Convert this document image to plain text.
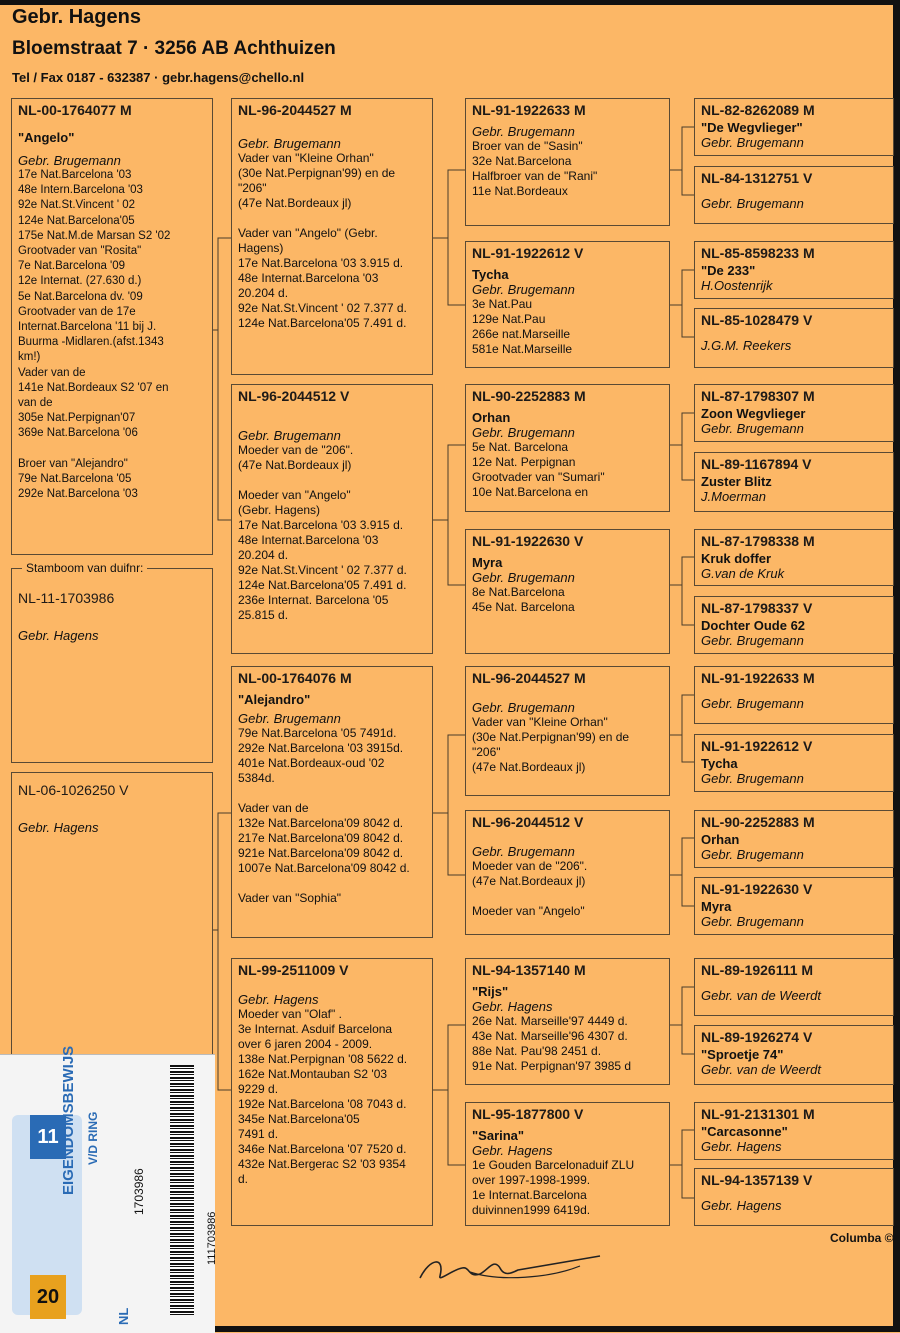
Gebr. Hagens
Bloemstraat 7 · 3256 AB Achthuizen
Tel / Fax 0187 - 632387 · gebr.hagens@chello.nl
NL-00-1764077 M
"Angelo"
Gebr. Brugemann
17e Nat.Barcelona '03
48e Intern.Barcelona '03
92e Nat.St.Vincent ' 02
124e Nat.Barcelona'05
175e Nat.M.de Marsan S2 '02
Grootvader van "Rosita"
7e Nat.Barcelona '09
12e Internat. (27.630 d.)
5e Nat.Barcelona dv. '09
Grootvader van de 17e
Internat.Barcelona '11 bij J.
Buurma -Midlaren.(afst.1343
km!)
Vader van de
141e Nat.Bordeaux S2 '07 en
van de
305e Nat.Perpignan'07
369e Nat.Barcelona '06

Broer van "Alejandro"
79e Nat.Barcelona '05
292e Nat.Barcelona '03
NL-11-1703986
Gebr. Hagens
Stamboom van duifnr:
NL-06-1026250 V
Gebr. Hagens
NL-96-2044527 M
Gebr. Brugemann
Vader van "Kleine Orhan"
(30e Nat.Perpignan'99) en de
"206"
(47e Nat.Bordeaux jl)

Vader van "Angelo" (Gebr.
Hagens)
17e Nat.Barcelona '03 3.915 d.
48e Internat.Barcelona '03
20.204 d.
92e Nat.St.Vincent ' 02 7.377 d.
124e Nat.Barcelona'05 7.491 d.
NL-96-2044512 V
Gebr. Brugemann
Moeder van de "206".
(47e Nat.Bordeaux jl)

Moeder van "Angelo"
(Gebr. Hagens)
17e Nat.Barcelona '03 3.915 d.
48e Internat.Barcelona '03
20.204 d.
92e Nat.St.Vincent ' 02 7.377 d.
124e Nat.Barcelona'05 7.491 d.
236e Internat. Barcelona '05
25.815 d.
NL-00-1764076 M
"Alejandro"
Gebr. Brugemann
79e Nat.Barcelona '05 7491d.
292e Nat.Barcelona '03 3915d.
401e Nat.Bordeaux-oud '02
5384d.

Vader van de
132e Nat.Barcelona'09 8042 d.
217e Nat.Barcelona'09 8042 d.
921e Nat.Barcelona'09 8042 d.
1007e Nat.Barcelona'09 8042 d.

Vader van "Sophia"
NL-99-2511009 V
Gebr. Hagens
Moeder van "Olaf" .
3e Internat. Asduif Barcelona
over 6 jaren 2004 - 2009.
138e Nat.Perpignan '08 5622 d.
162e Nat.Montauban S2 '03
9229 d.
192e Nat.Barcelona '08 7043 d.
345e Nat.Barcelona'05
7491 d.
346e Nat.Barcelona '07 7520 d.
432e Nat.Bergerac S2 '03 9354
d.
NL-91-1922633 M
Gebr. Brugemann
Broer van de "Sasin"
32e Nat.Barcelona
Halfbroer van de "Rani"
11e Nat.Bordeaux
NL-91-1922612 V
Tycha
Gebr. Brugemann
3e Nat.Pau
129e Nat.Pau
266e nat.Marseille
581e Nat.Marseille
NL-90-2252883 M
Orhan
Gebr. Brugemann
5e Nat. Barcelona
12e Nat. Perpignan
Grootvader van "Sumari"
10e Nat.Barcelona en
NL-91-1922630 V
Myra
Gebr. Brugemann
8e Nat.Barcelona
45e Nat. Barcelona
NL-96-2044527 M
Gebr. Brugemann
Vader van "Kleine Orhan"
(30e Nat.Perpignan'99) en de
"206"
(47e Nat.Bordeaux jl)
NL-96-2044512 V
Gebr. Brugemann
Moeder van de "206".
(47e Nat.Bordeaux jl)

Moeder van "Angelo"
NL-94-1357140 M
"Rijs"
Gebr. Hagens
26e Nat. Marseille'97 4449 d.
43e Nat. Marseille'96 4307 d.
88e Nat. Pau'98 2451 d.
91e Nat. Perpignan'97 3985 d
NL-95-1877800 V
"Sarina"
Gebr. Hagens
1e Gouden Barcelonaduif ZLU
over 1997-1998-1999.
1e Internat.Barcelona
duivinnen1999 6419d.
NL-82-8262089 M
"De Wegvlieger"
Gebr. Brugemann
NL-84-1312751 V
Gebr. Brugemann
NL-85-8598233 M
"De 233"
H.Oostenrijk
NL-85-1028479 V
J.G.M. Reekers
NL-87-1798307 M
Zoon Wegvlieger
Gebr. Brugemann
NL-89-1167894 V
Zuster Blitz
J.Moerman
NL-87-1798338 M
Kruk doffer
G.van de Kruk
NL-87-1798337 V
Dochter Oude 62
Gebr. Brugemann
NL-91-1922633 M
Gebr. Brugemann
NL-91-1922612 V
Tycha
Gebr. Brugemann
NL-90-2252883 M
Orhan
Gebr. Brugemann
NL-91-1922630 V
Myra
Gebr. Brugemann
NL-89-1926111 M
Gebr. van de Weerdt
NL-89-1926274 V
"Sproetje 74"
Gebr. van de Weerdt
NL-91-2131301 M
"Carcasonne"
Gebr. Hagens
NL-94-1357139 V
Gebr. Hagens
Columba ©
11
20
EIGENDOMSBEWIJS V/D RING
NL
1703986
111703986
